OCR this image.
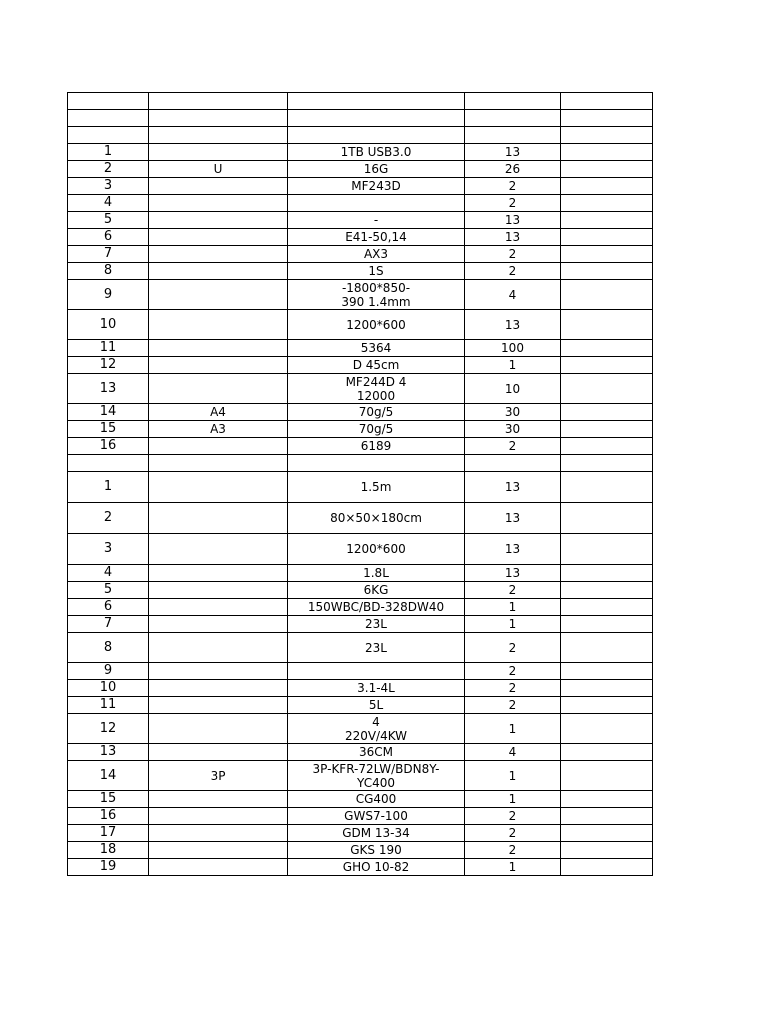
1		1TB USB3.0	13	
2	U	16G	26	
3		MF243D	2	
4			2	
5		-	13	
6		E41-50,14	13	
7		AX3	2	
8		1S	2	
9		-1800*850-
390 1.4mm	4	
10		1200*600	13	
11		5364	100	
12		D 45cm	1	
13		MF244D 4
12000	10	
14	A4	70g/5	30	
15	A3	70g/5	30	
16		6189	2	

1		1.5m	13	
2		80×50×180cm	13	
3		1200*600	13	
4		1.8L	13	
5		6KG	2	
6		150WBC/BD-328DW40	1	
7		23L	1	
8		23L	2	
9			2	
10		3.1-4L	2	
11		5L	2	
12		4
220V/4KW	1	
13		36CM	4	
14	3P	3P-KFR-72LW/BDN8Y-
YC400	1	
15		CG400	1	
16		GWS7-100	2	
17		GDM 13-34	2	
18		GKS 190	2	
19		GHO 10-82	1	
